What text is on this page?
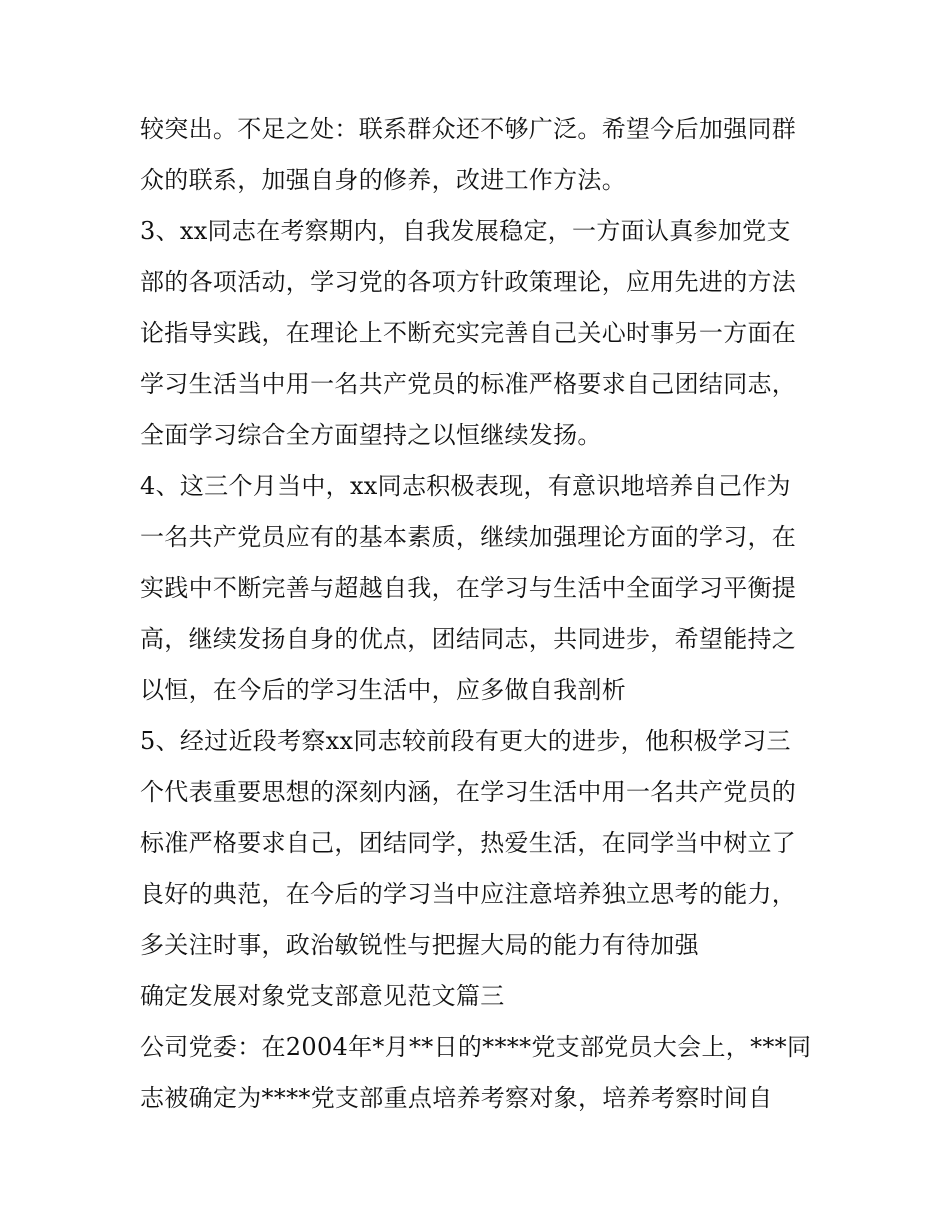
较突出。不足之处：联系群众还不够广泛。希望今后加强同群
众的联系，加强自身的修养，改进工作方法。
3、xx同志在考察期内，自我发展稳定，一方面认真参加党支
部的各项活动，学习党的各项方针政策理论，应用先进的方法
论指导实践，在理论上不断充实完善自己关心时事另一方面在
学习生活当中用一名共产党员的标准严格要求自己团结同志，
全面学习综合全方面望持之以恒继续发扬。
4、这三个月当中，xx同志积极表现，有意识地培养自己作为
一名共产党员应有的基本素质，继续加强理论方面的学习，在
实践中不断完善与超越自我，在学习与生活中全面学习平衡提
高，继续发扬自身的优点，团结同志，共同进步，希望能持之
以恒，在今后的学习生活中，应多做自我剖析
5、经过近段考察xx同志较前段有更大的进步，他积极学习三
个代表重要思想的深刻内涵，在学习生活中用一名共产党员的
标准严格要求自己，团结同学，热爱生活，在同学当中树立了
良好的典范，在今后的学习当中应注意培养独立思考的能力，
多关注时事，政治敏锐性与把握大局的能力有待加强
确定发展对象党支部意见范文篇三
公司党委：在2004年*月**日的****党支部党员大会上，***同
志被确定为****党支部重点培养考察对象，培养考察时间自
